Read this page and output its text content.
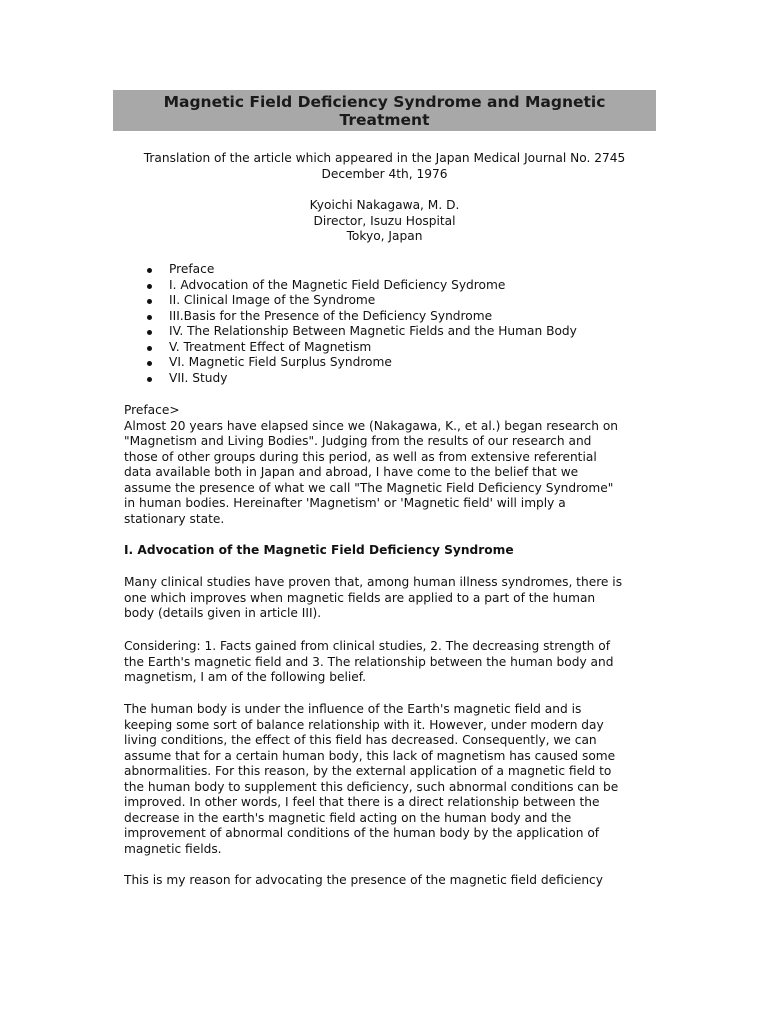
Magnetic Field Deficiency Syndrome and Magnetic
Treatment
Translation of the article which appeared in the Japan Medical Journal No. 2745
December 4th, 1976
Kyoichi Nakagawa, M. D.
Director, Isuzu Hospital
Tokyo, Japan
Preface
I. Advocation of the Magnetic Field Deficiency Sydrome
II. Clinical Image of the Syndrome
III.Basis for the Presence of the Deficiency Syndrome
IV. The Relationship Between Magnetic Fields and the Human Body
V. Treatment Effect of Magnetism
VI. Magnetic Field Surplus Syndrome
VII. Study
Preface>
Almost 20 years have elapsed since we (Nakagawa, K., et al.) began research on
"Magnetism and Living Bodies". Judging from the results of our research and
those of other groups during this period, as well as from extensive referential
data available both in Japan and abroad, I have come to the belief that we
assume the presence of what we call "The Magnetic Field Deficiency Syndrome"
in human bodies. Hereinafter 'Magnetism' or 'Magnetic field' will imply a
stationary state.
I. Advocation of the Magnetic Field Deficiency Syndrome
Many clinical studies have proven that, among human illness syndromes, there is
one which improves when magnetic fields are applied to a part of the human
body (details given in article III).
Considering: 1. Facts gained from clinical studies, 2. The decreasing strength of
the Earth's magnetic field and 3. The relationship between the human body and
magnetism, I am of the following belief.
The human body is under the influence of the Earth's magnetic field and is
keeping some sort of balance relationship with it. However, under modern day
living conditions, the effect of this field has decreased. Consequently, we can
assume that for a certain human body, this lack of magnetism has caused some
abnormalities. For this reason, by the external application of a magnetic field to
the human body to supplement this deficiency, such abnormal conditions can be
improved. In other words, I feel that there is a direct relationship between the
decrease in the earth's magnetic field acting on the human body and the
improvement of abnormal conditions of the human body by the application of
magnetic fields.
This is my reason for advocating the presence of the magnetic field deficiency
